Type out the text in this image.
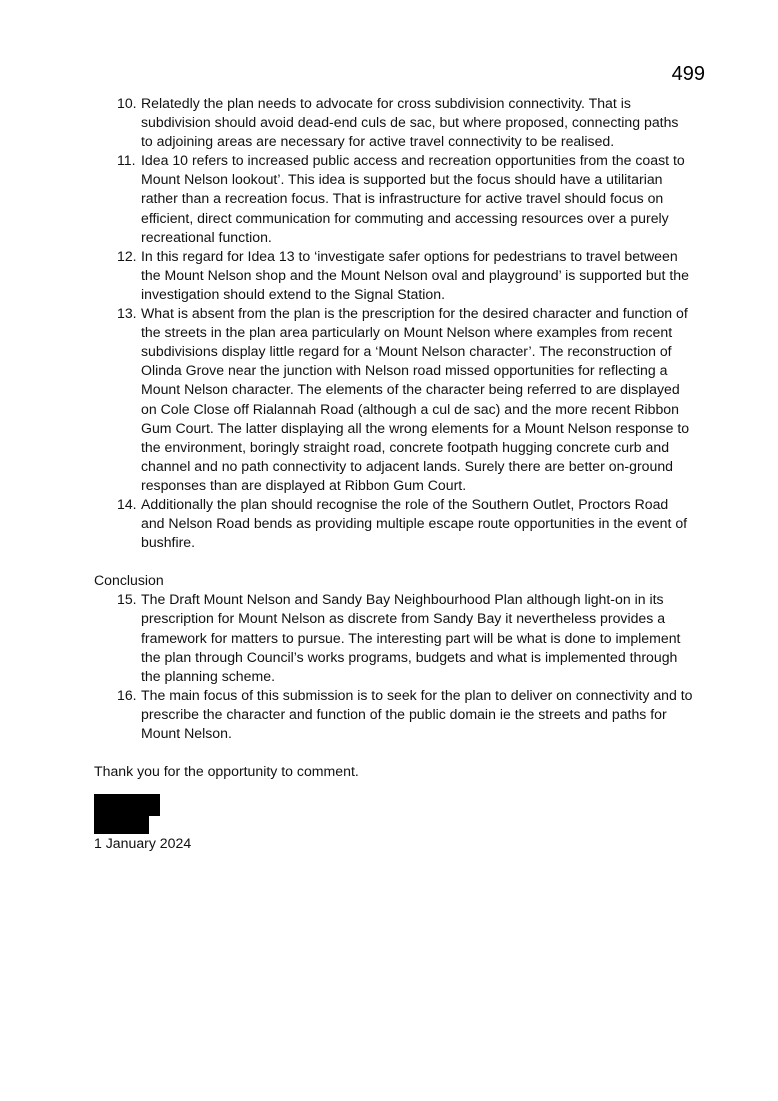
499
10. Relatedly the plan needs to advocate for cross subdivision connectivity. That is subdivision should avoid dead-end culs de sac, but where proposed, connecting paths to adjoining areas are necessary for active travel connectivity to be realised.
11. Idea 10 refers to increased public access and recreation opportunities from the coast to Mount Nelson lookout’. This idea is supported but the focus should have a utilitarian rather than a recreation focus. That is infrastructure for active travel should focus on efficient, direct communication for commuting and accessing resources over a purely recreational function.
12. In this regard for Idea 13 to ‘investigate safer options for pedestrians to travel between the Mount Nelson shop and the Mount Nelson oval and playground’ is supported but the investigation should extend to the Signal Station.
13. What is absent from the plan is the prescription for the desired character and function of the streets in the plan area particularly on Mount Nelson where examples from recent subdivisions display little regard for a ‘Mount Nelson character’. The reconstruction of Olinda Grove near the junction with Nelson road missed opportunities for reflecting a Mount Nelson character. The elements of the character being referred to are displayed on Cole Close off Rialannah Road (although a cul de sac) and the more recent Ribbon Gum Court. The latter displaying all the wrong elements for a Mount Nelson response to the environment, boringly straight road, concrete footpath hugging concrete curb and channel and no path connectivity to adjacent lands. Surely there are better on-ground responses than are displayed at Ribbon Gum Court.
14. Additionally the plan should recognise the role of the Southern Outlet, Proctors Road and Nelson Road bends as providing multiple escape route opportunities in the event of bushfire.
Conclusion
15. The Draft Mount Nelson and Sandy Bay Neighbourhood Plan although light-on in its prescription for Mount Nelson as discrete from Sandy Bay it nevertheless provides a framework for matters to pursue. The interesting part will be what is done to implement the plan through Council’s works programs, budgets and what is implemented through the planning scheme.
16. The main focus of this submission is to seek for the plan to deliver on connectivity and to prescribe the character and function of the public domain ie the streets and paths for Mount Nelson.
Thank you for the opportunity to comment.
1 January 2024
